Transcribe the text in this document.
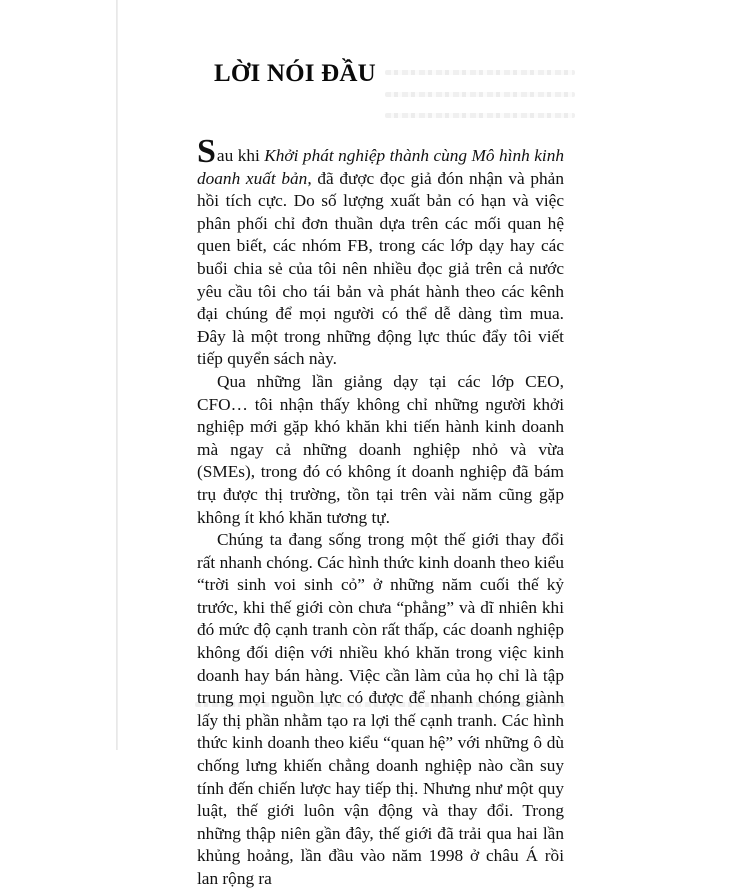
LỜI NÓI ĐẦU

Sau khi Khởi phát nghiệp thành cùng Mô hình kinh doanh xuất bản, đã được đọc giả đón nhận và phản hồi tích cực. Do số lượng xuất bản có hạn và việc phân phối chỉ đơn thuần dựa trên các mối quan hệ quen biết, các nhóm FB, trong các lớp dạy hay các buổi chia sẻ của tôi nên nhiều đọc giả trên cả nước yêu cầu tôi cho tái bản và phát hành theo các kênh đại chúng để mọi người có thể dễ dàng tìm mua. Đây là một trong những động lực thúc đẩy tôi viết tiếp quyển sách này.

Qua những lần giảng dạy tại các lớp CEO, CFO… tôi nhận thấy không chỉ những người khởi nghiệp mới gặp khó khăn khi tiến hành kinh doanh mà ngay cả những doanh nghiệp nhỏ và vừa (SMEs), trong đó có không ít doanh nghiệp đã bám trụ được thị trường, tồn tại trên vài năm cũng gặp không ít khó khăn tương tự.

Chúng ta đang sống trong một thế giới thay đổi rất nhanh chóng. Các hình thức kinh doanh theo kiểu “trời sinh voi sinh cỏ” ở những năm cuối thế kỷ trước, khi thế giới còn chưa “phẳng” và dĩ nhiên khi đó mức độ cạnh tranh còn rất thấp, các doanh nghiệp không đối diện với nhiều khó khăn trong việc kinh doanh hay bán hàng. Việc cần làm của họ chỉ là tập trung mọi nguồn lực có được để nhanh chóng giành lấy thị phần nhằm tạo ra lợi thế cạnh tranh. Các hình thức kinh doanh theo kiểu “quan hệ” với những ô dù chống lưng khiến chẳng doanh nghiệp nào cần suy tính đến chiến lược hay tiếp thị. Nhưng như một quy luật, thế giới luôn vận động và thay đổi. Trong những thập niên gần đây, thế giới đã trải qua hai lần khủng hoảng, lần đầu vào năm 1998 ở châu Á rồi lan rộng ra
